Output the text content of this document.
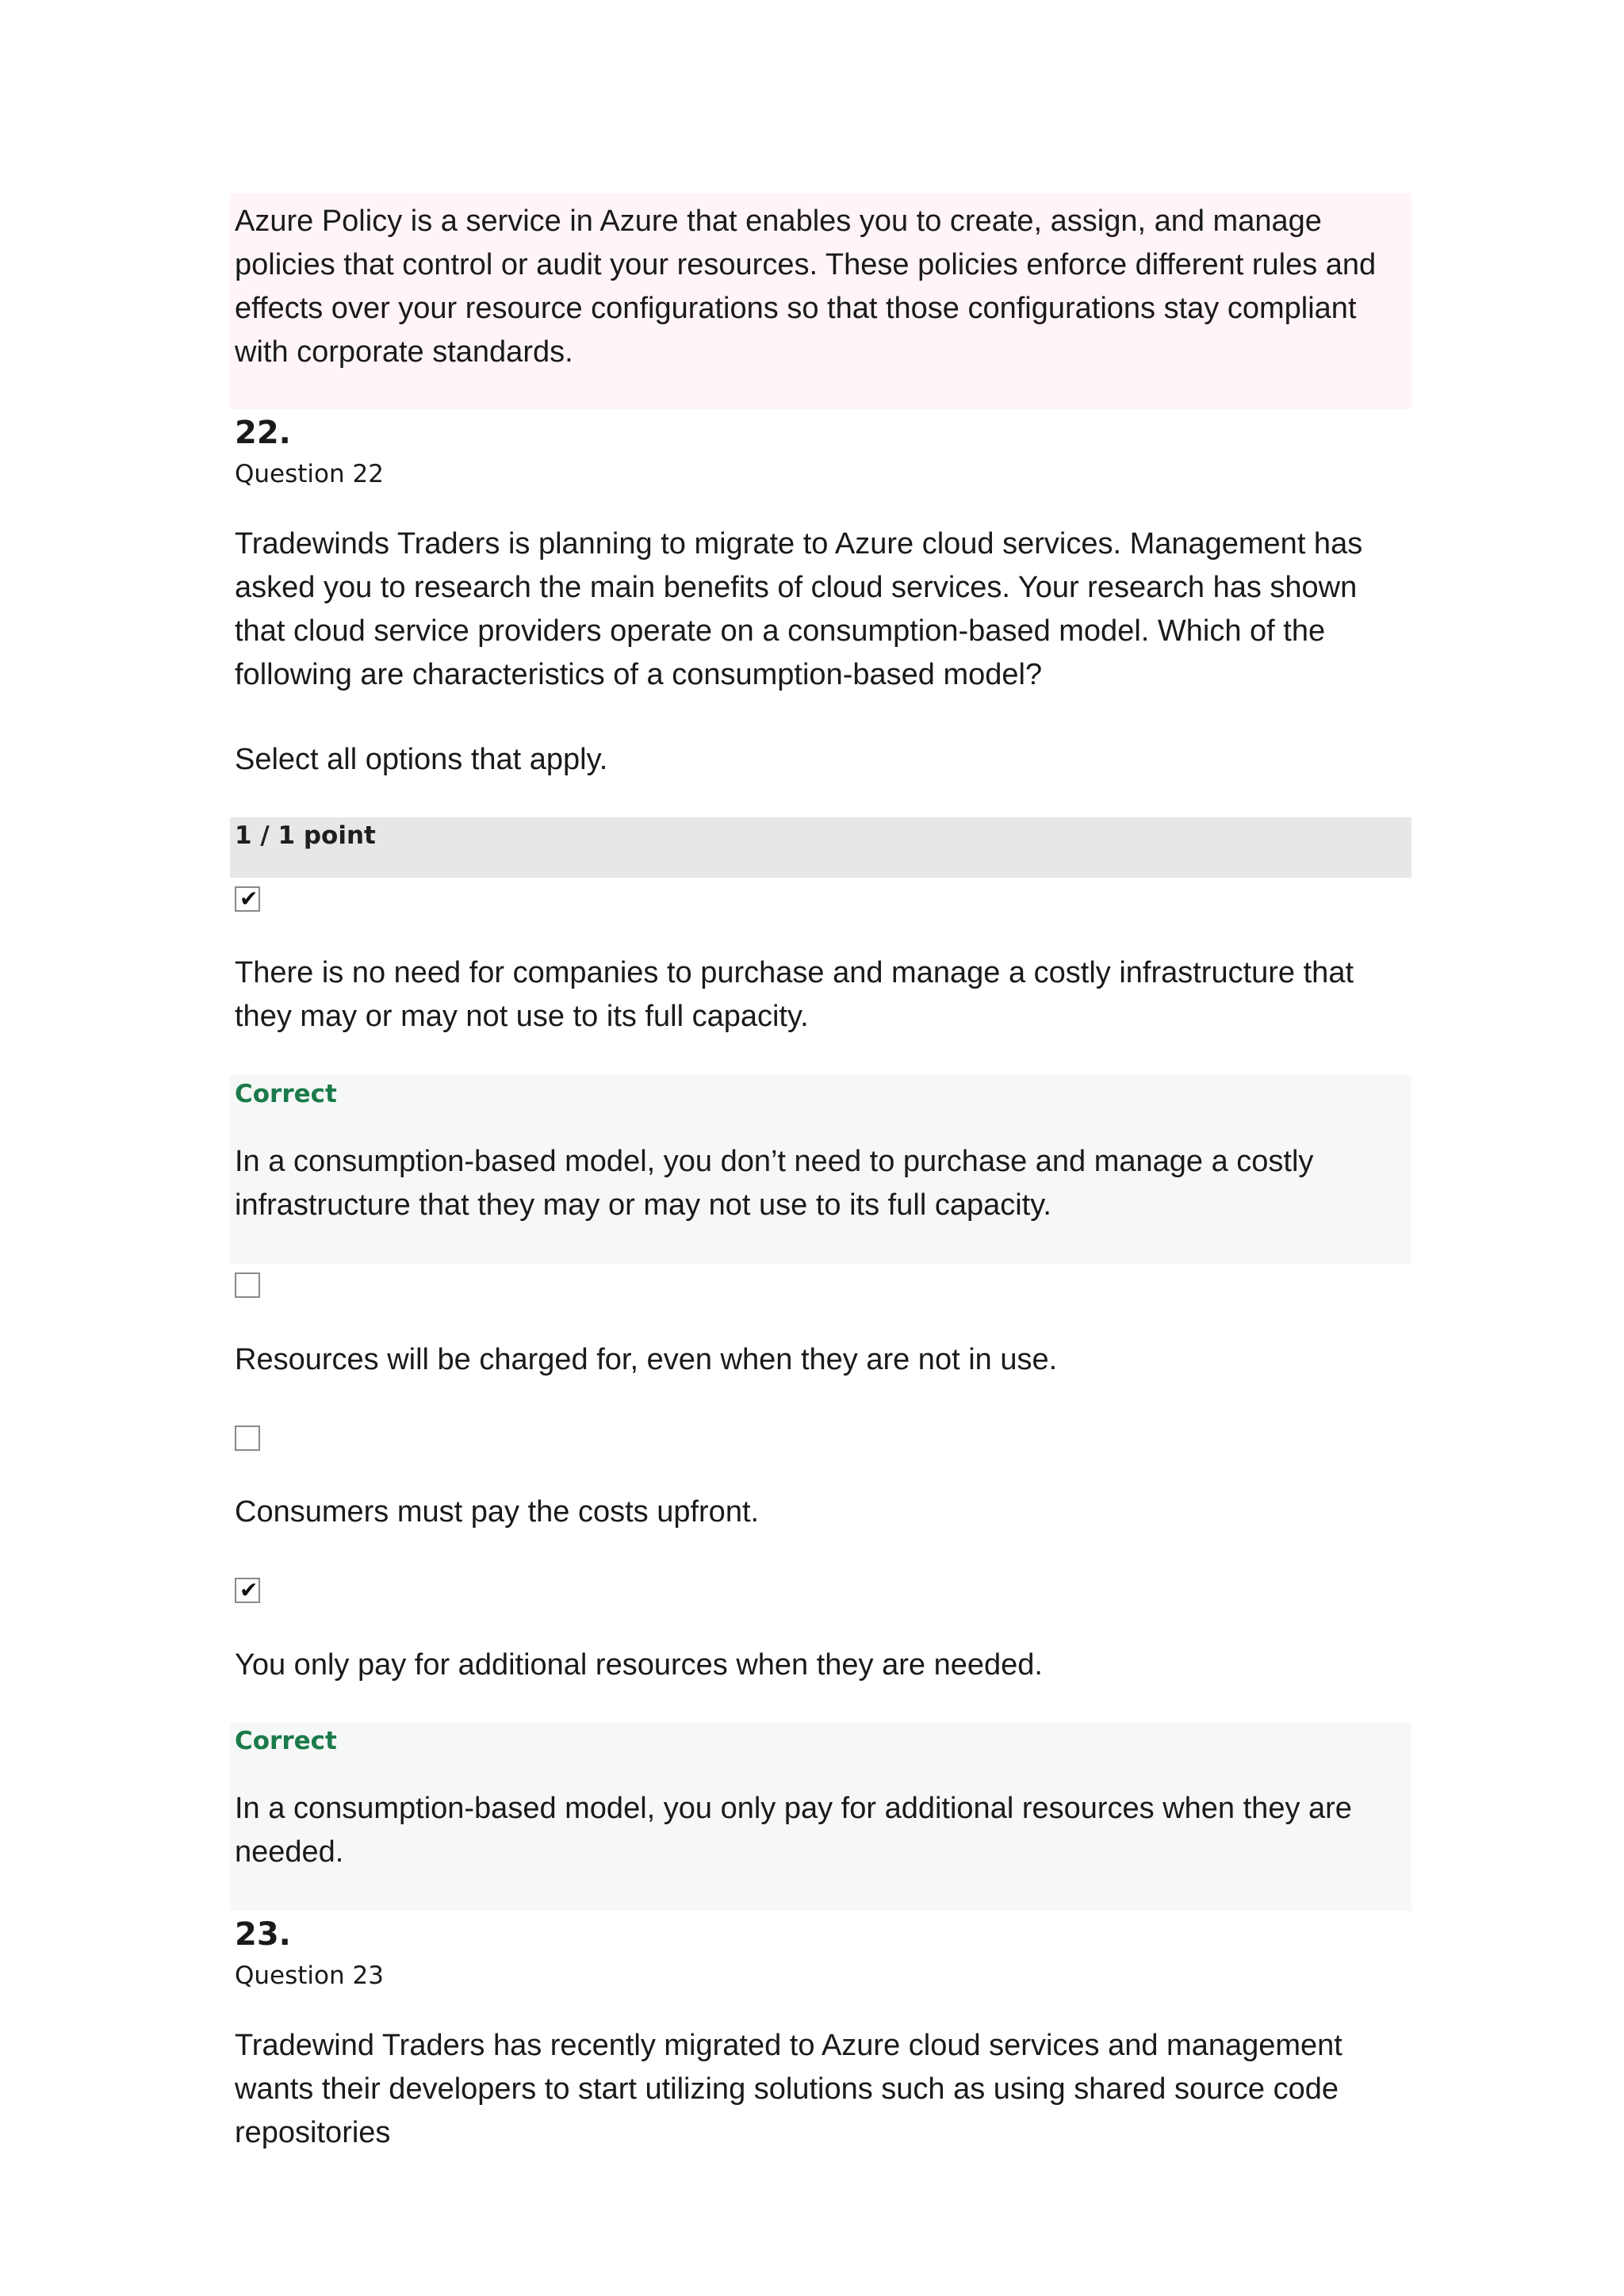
Azure Policy is a service in Azure that enables you to create, assign, and manage policies that control or audit your resources. These policies enforce different rules and effects over your resource configurations so that those configurations stay compliant with corporate standards.

22.
Question 22

Tradewinds Traders is planning to migrate to Azure cloud services. Management has asked you to research the main benefits of cloud services. Your research has shown that cloud service providers operate on a consumption-based model. Which of the following are characteristics of a consumption-based model?

Select all options that apply.

1 / 1 point
✔

There is no need for companies to purchase and manage a costly infrastructure that they may or may not use to its full capacity.

Correct

In a consumption-based model, you don’t need to purchase and manage a costly infrastructure that they may or may not use to its full capacity.

Resources will be charged for, even when they are not in use.

Consumers must pay the costs upfront.

✔

You only pay for additional resources when they are needed.

Correct

In a consumption-based model, you only pay for additional resources when they are needed.

23.
Question 23

Tradewind Traders has recently migrated to Azure cloud services and management wants their developers to start utilizing solutions such as using shared source code repositories
